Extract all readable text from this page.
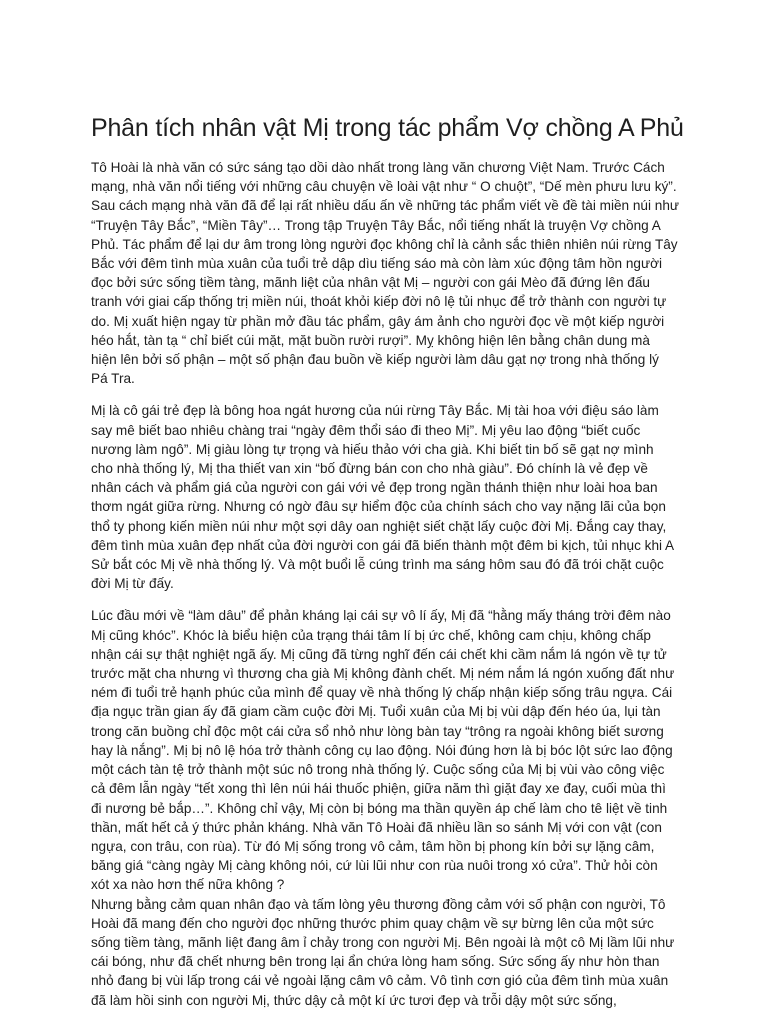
Phân tích nhân vật Mị trong tác phẩm Vợ chồng A Phủ

Tô Hoài là nhà văn có sức sáng tạo dồi dào nhất trong làng văn chương Việt Nam. Trước Cách mạng, nhà văn nổi tiếng với những câu chuyện về loài vật như “ O chuột”, “Dế mèn phưu lưu ký”. Sau cách mạng nhà văn đã để lại rất nhiều dấu ấn về những tác phẩm viết về đề tài miền núi như “Truyện Tây Bắc”, “Miền Tây”… Trong tập Truyện Tây Bắc, nổi tiếng nhất là truyện Vợ chồng A Phủ. Tác phẩm để lại dư âm trong lòng người đọc không chỉ là cảnh sắc thiên nhiên núi rừng Tây Bắc với đêm tình mùa xuân của tuổi trẻ dập dìu tiếng sáo mà còn làm xúc động tâm hồn người đọc bởi sức sống tiềm tàng, mãnh liệt của nhân vật Mị – người con gái Mèo đã đứng lên đấu tranh với giai cấp thống trị miền núi, thoát khỏi kiếp đời nô lệ tủi nhục để trở thành con người tự do. Mị xuất hiện ngay từ phần mở đầu tác phẩm, gây ám ảnh cho người đọc về một kiếp người héo hắt, tàn tạ “ chỉ biết cúi mặt, mặt buồn rười rượi”. Mỵ không hiện lên bằng chân dung mà hiện lên bởi số phận – một số phận đau buồn về kiếp người làm dâu gạt nợ trong nhà thống lý Pá Tra.

Mị là cô gái trẻ đẹp là bông hoa ngát hương của núi rừng Tây Bắc. Mị tài hoa với điệu sáo làm say mê biết bao nhiêu chàng trai “ngày đêm thổi sáo đi theo Mị”. Mị yêu lao động “biết cuốc nương làm ngô”. Mị giàu lòng tự trọng và hiếu thảo với cha già. Khi biết tin bố sẽ gạt nợ mình cho nhà thống lý, Mị tha thiết van xin “bố đừng bán con cho nhà giàu”. Đó chính là vẻ đẹp về nhân cách và phẩm giá của người con gái với vẻ đẹp trong ngần thánh thiện như loài hoa ban thơm ngát giữa rừng. Nhưng có ngờ đâu sự hiểm độc của chính sách cho vay nặng lãi của bọn thổ ty phong kiến miền núi như một sợi dây oan nghiệt siết chặt lấy cuộc đời Mị. Đắng cay thay, đêm tình mùa xuân đẹp nhất của đời người con gái đã biến thành một đêm bi kịch, tủi nhục khi A Sử bắt cóc Mị về nhà thống lý. Và một buổi lễ cúng trình ma sáng hôm sau đó đã trói chặt cuộc đời Mị từ đấy.

Lúc đầu mới về “làm dâu” để phản kháng lại cái sự vô lí ấy, Mị đã “hằng mấy tháng trời đêm nào Mị cũng khóc”. Khóc là biểu hiện của trạng thái tâm lí bị ức chế, không cam chịu, không chấp nhận cái sự thật nghiệt ngã ấy. Mị cũng đã từng nghĩ đến cái chết khi cầm nắm lá ngón về tự tử trước mặt cha nhưng vì thương cha già Mị không đành chết. Mị ném nắm lá ngón xuống đất như ném đi tuổi trẻ hạnh phúc của mình để quay về nhà thống lý chấp nhận kiếp sống trâu ngựa. Cái địa ngục trần gian ấy đã giam cầm cuộc đời Mị. Tuổi xuân của Mị bị vùi dập đến héo úa, lụi tàn trong căn buồng chỉ độc một cái cửa sổ nhỏ như lòng bàn tay “trông ra ngoài không biết sương hay là nắng”. Mị bị nô lệ hóa trở thành công cụ lao động. Nói đúng hơn là bị bóc lột sức lao động một cách tàn tệ trở thành một súc nô trong nhà thống lý. Cuộc sống của Mị bị vùi vào công việc cả đêm lẫn ngày “tết xong thì lên núi hái thuốc phiện, giữa năm thì giặt đay xe đay, cuối mùa thì đi nương bẻ bắp…”. Không chỉ vậy, Mị còn bị bóng ma thần quyền áp chế làm cho tê liệt về tinh thần, mất hết cả ý thức phản kháng. Nhà văn Tô Hoài đã nhiều lần so sánh Mị với con vật (con ngựa, con trâu, con rùa). Từ đó Mị sống trong vô cảm, tâm hồn bị phong kín bởi sự lặng câm, băng giá “càng ngày Mị càng không nói, cứ lùi lũi như con rùa nuôi trong xó cửa”. Thử hỏi còn xót xa nào hơn thế nữa không ?

Nhưng bằng cảm quan nhân đạo và tấm lòng yêu thương đồng cảm với số phận con người, Tô Hoài đã mang đến cho người đọc những thước phim quay chậm về sự bừng lên của một sức sống tiềm tàng, mãnh liệt đang âm ỉ chảy trong con người Mị. Bên ngoài là một cô Mị lầm lũi như cái bóng, như đã chết nhưng bên trong lại ẩn chứa lòng ham sống. Sức sống ấy như hòn than nhỏ đang bị vùi lấp trong cái vẻ ngoài lặng câm vô cảm. Vô tình cơn gió của đêm tình mùa xuân đã làm hồi sinh con người Mị, thức dậy cả một kí ức tươi đẹp và trỗi dậy một sức sống,
